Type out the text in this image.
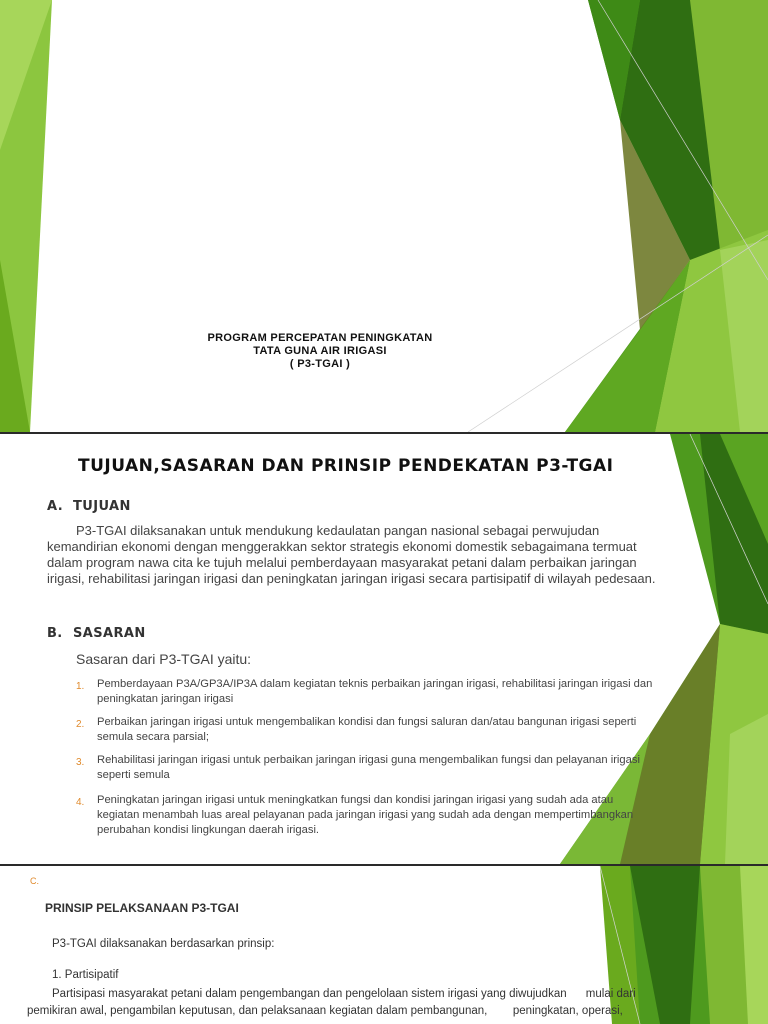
PROGRAM PERCEPATAN PENINGKATAN
TATA GUNA AIR IRIGASI
( P3-TGAI )
TUJUAN,SASARAN DAN PRINSIP PENDEKATAN P3-TGAI
A. TUJUAN
P3-TGAI dilaksanakan untuk mendukung kedaulatan pangan nasional sebagai perwujudan
kemandirian ekonomi dengan menggerakkan sektor strategis ekonomi domestik sebagaimana termuat
dalam program nawa cita ke tujuh melalui pemberdayaan masyarakat petani dalam perbaikan jaringan
irigasi, rehabilitasi jaringan irigasi dan peningkatan jaringan irigasi secara partisipatif di wilayah pedesaan.
B. SASARAN
Sasaran dari P3-TGAI yaitu:
1. Pemberdayaan P3A/GP3A/IP3A dalam kegiatan teknis perbaikan jaringan irigasi, rehabilitasi jaringan irigasi dan
peningkatan jaringan irigasi
2. Perbaikan jaringan irigasi untuk mengembalikan kondisi dan fungsi saluran dan/atau bangunan irigasi seperti
semula secara parsial;
3. Rehabilitasi jaringan irigasi untuk perbaikan jaringan irigasi guna mengembalikan fungsi dan pelayanan irigasi
seperti semula
4. Peningkatan jaringan irigasi untuk meningkatkan fungsi dan kondisi jaringan irigasi yang sudah ada atau
kegiatan menambah luas areal pelayanan pada jaringan irigasi yang sudah ada dengan mempertimbangkan
perubahan kondisi lingkungan daerah irigasi.
C.
PRINSIP PELAKSANAAN P3-TGAI
P3-TGAI dilaksanakan berdasarkan prinsip:
1. Partisipatif
Partisipasi masyarakat petani dalam pengembangan dan pengelolaan sistem irigasi yang diwujudkan      mulai dari
pemikiran awal, pengambilan keputusan, dan pelaksanaan kegiatan dalam pembangunan,        peningkatan, operasi,
